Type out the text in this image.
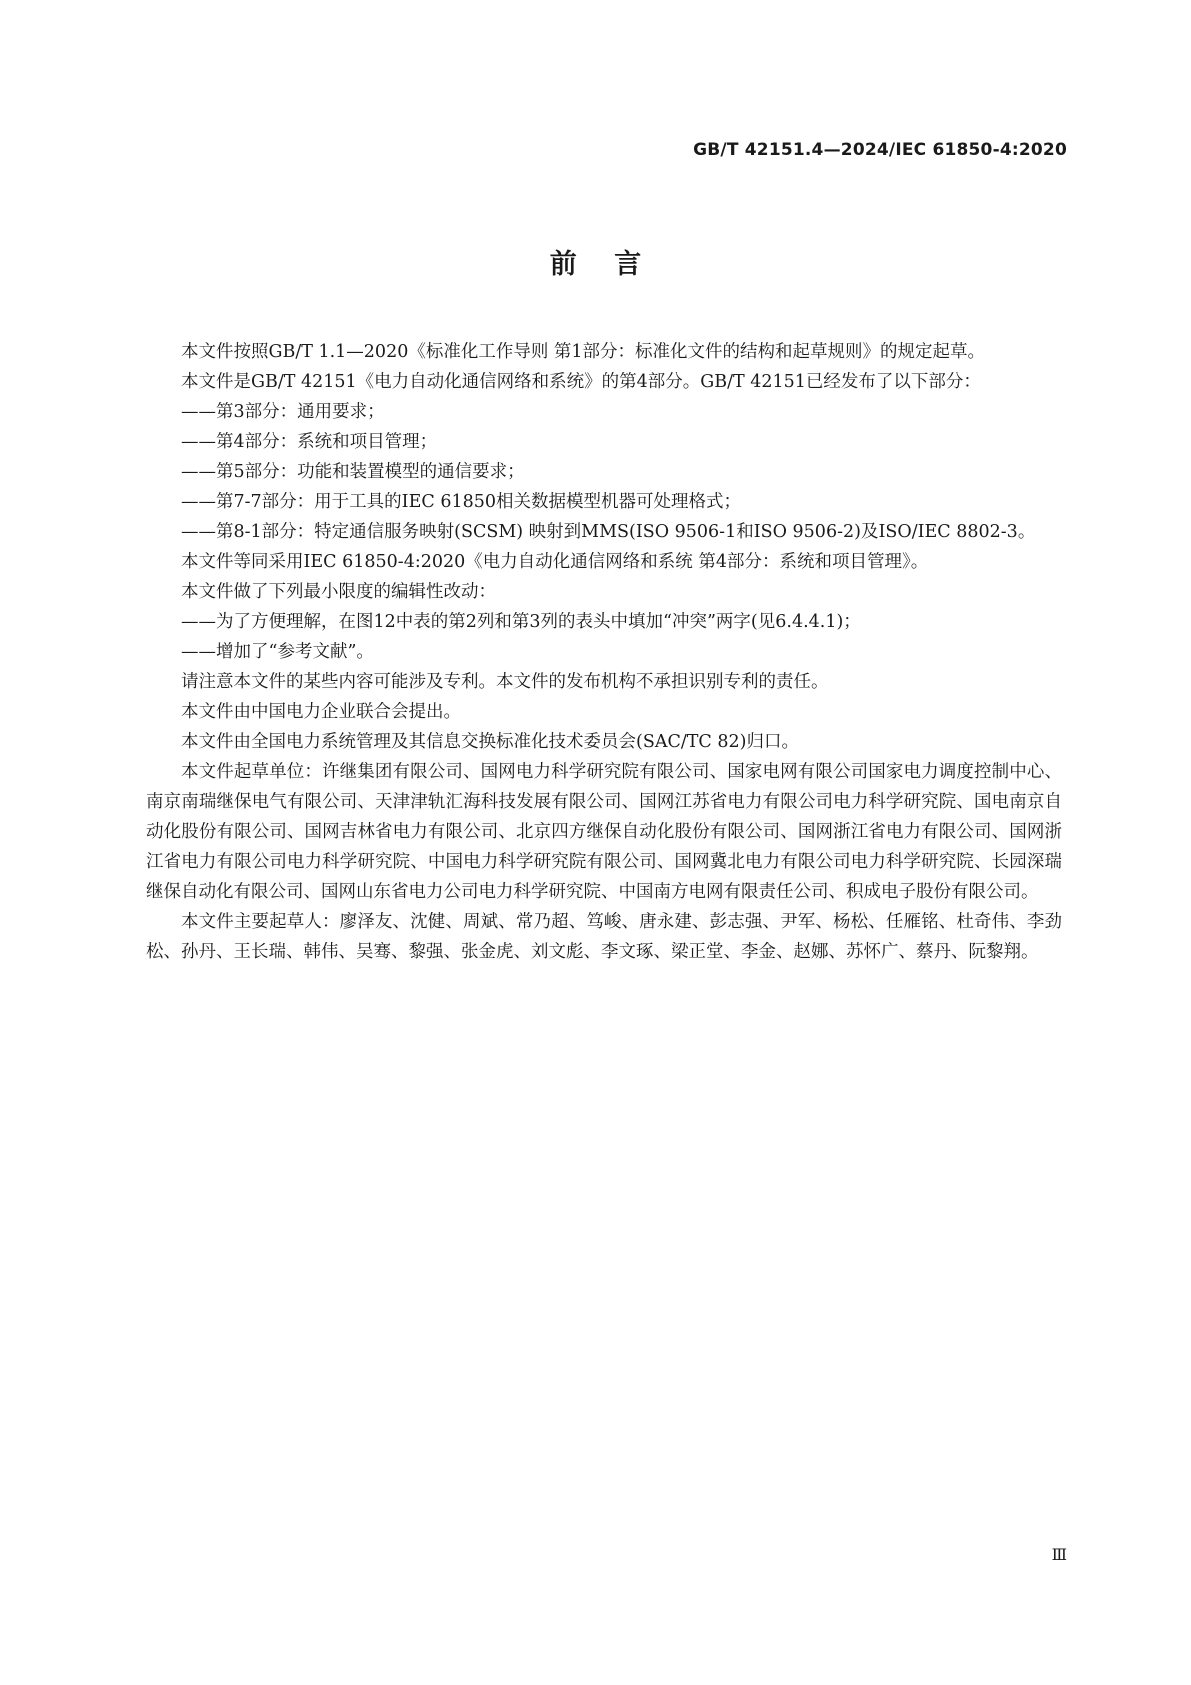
GB/T 42151.4—2024/IEC 61850-4:2020
前    言

本文件按照GB/T 1.1—2020《标准化工作导则 第1部分：标准化文件的结构和起草规则》的规定起草。

本文件是GB/T 42151《电力自动化通信网络和系统》的第4部分。GB/T 42151已经发布了以下部分：

——第3部分：通用要求；

——第4部分：系统和项目管理；

——第5部分：功能和装置模型的通信要求；

——第7-7部分：用于工具的IEC 61850相关数据模型机器可处理格式；

——第8-1部分：特定通信服务映射(SCSM) 映射到MMS(ISO 9506-1和ISO 9506-2)及ISO/IEC 8802-3。

本文件等同采用IEC 61850-4:2020《电力自动化通信网络和系统 第4部分：系统和项目管理》。

本文件做了下列最小限度的编辑性改动：

——为了方便理解，在图12中表的第2列和第3列的表头中填加“冲突”两字(见6.4.4.1)；

——增加了“参考文献”。

请注意本文件的某些内容可能涉及专利。本文件的发布机构不承担识别专利的责任。

本文件由中国电力企业联合会提出。

本文件由全国电力系统管理及其信息交换标准化技术委员会(SAC/TC 82)归口。

本文件起草单位：许继集团有限公司、国网电力科学研究院有限公司、国家电网有限公司国家电力调度控制中心、南京南瑞继保电气有限公司、天津津轨汇海科技发展有限公司、国网江苏省电力有限公司电力科学研究院、国电南京自动化股份有限公司、国网吉林省电力有限公司、北京四方继保自动化股份有限公司、国网浙江省电力有限公司、国网浙江省电力有限公司电力科学研究院、中国电力科学研究院有限公司、国网冀北电力有限公司电力科学研究院、长园深瑞继保自动化有限公司、国网山东省电力公司电力科学研究院、中国南方电网有限责任公司、积成电子股份有限公司。

本文件主要起草人：廖泽友、沈健、周斌、常乃超、笃峻、唐永建、彭志强、尹军、杨松、任雁铭、杜奇伟、李劲松、孙丹、王长瑞、韩伟、吴骞、黎强、张金虎、刘文彪、李文琢、梁正堂、李金、赵娜、苏怀广、蔡丹、阮黎翔。

Ⅲ
